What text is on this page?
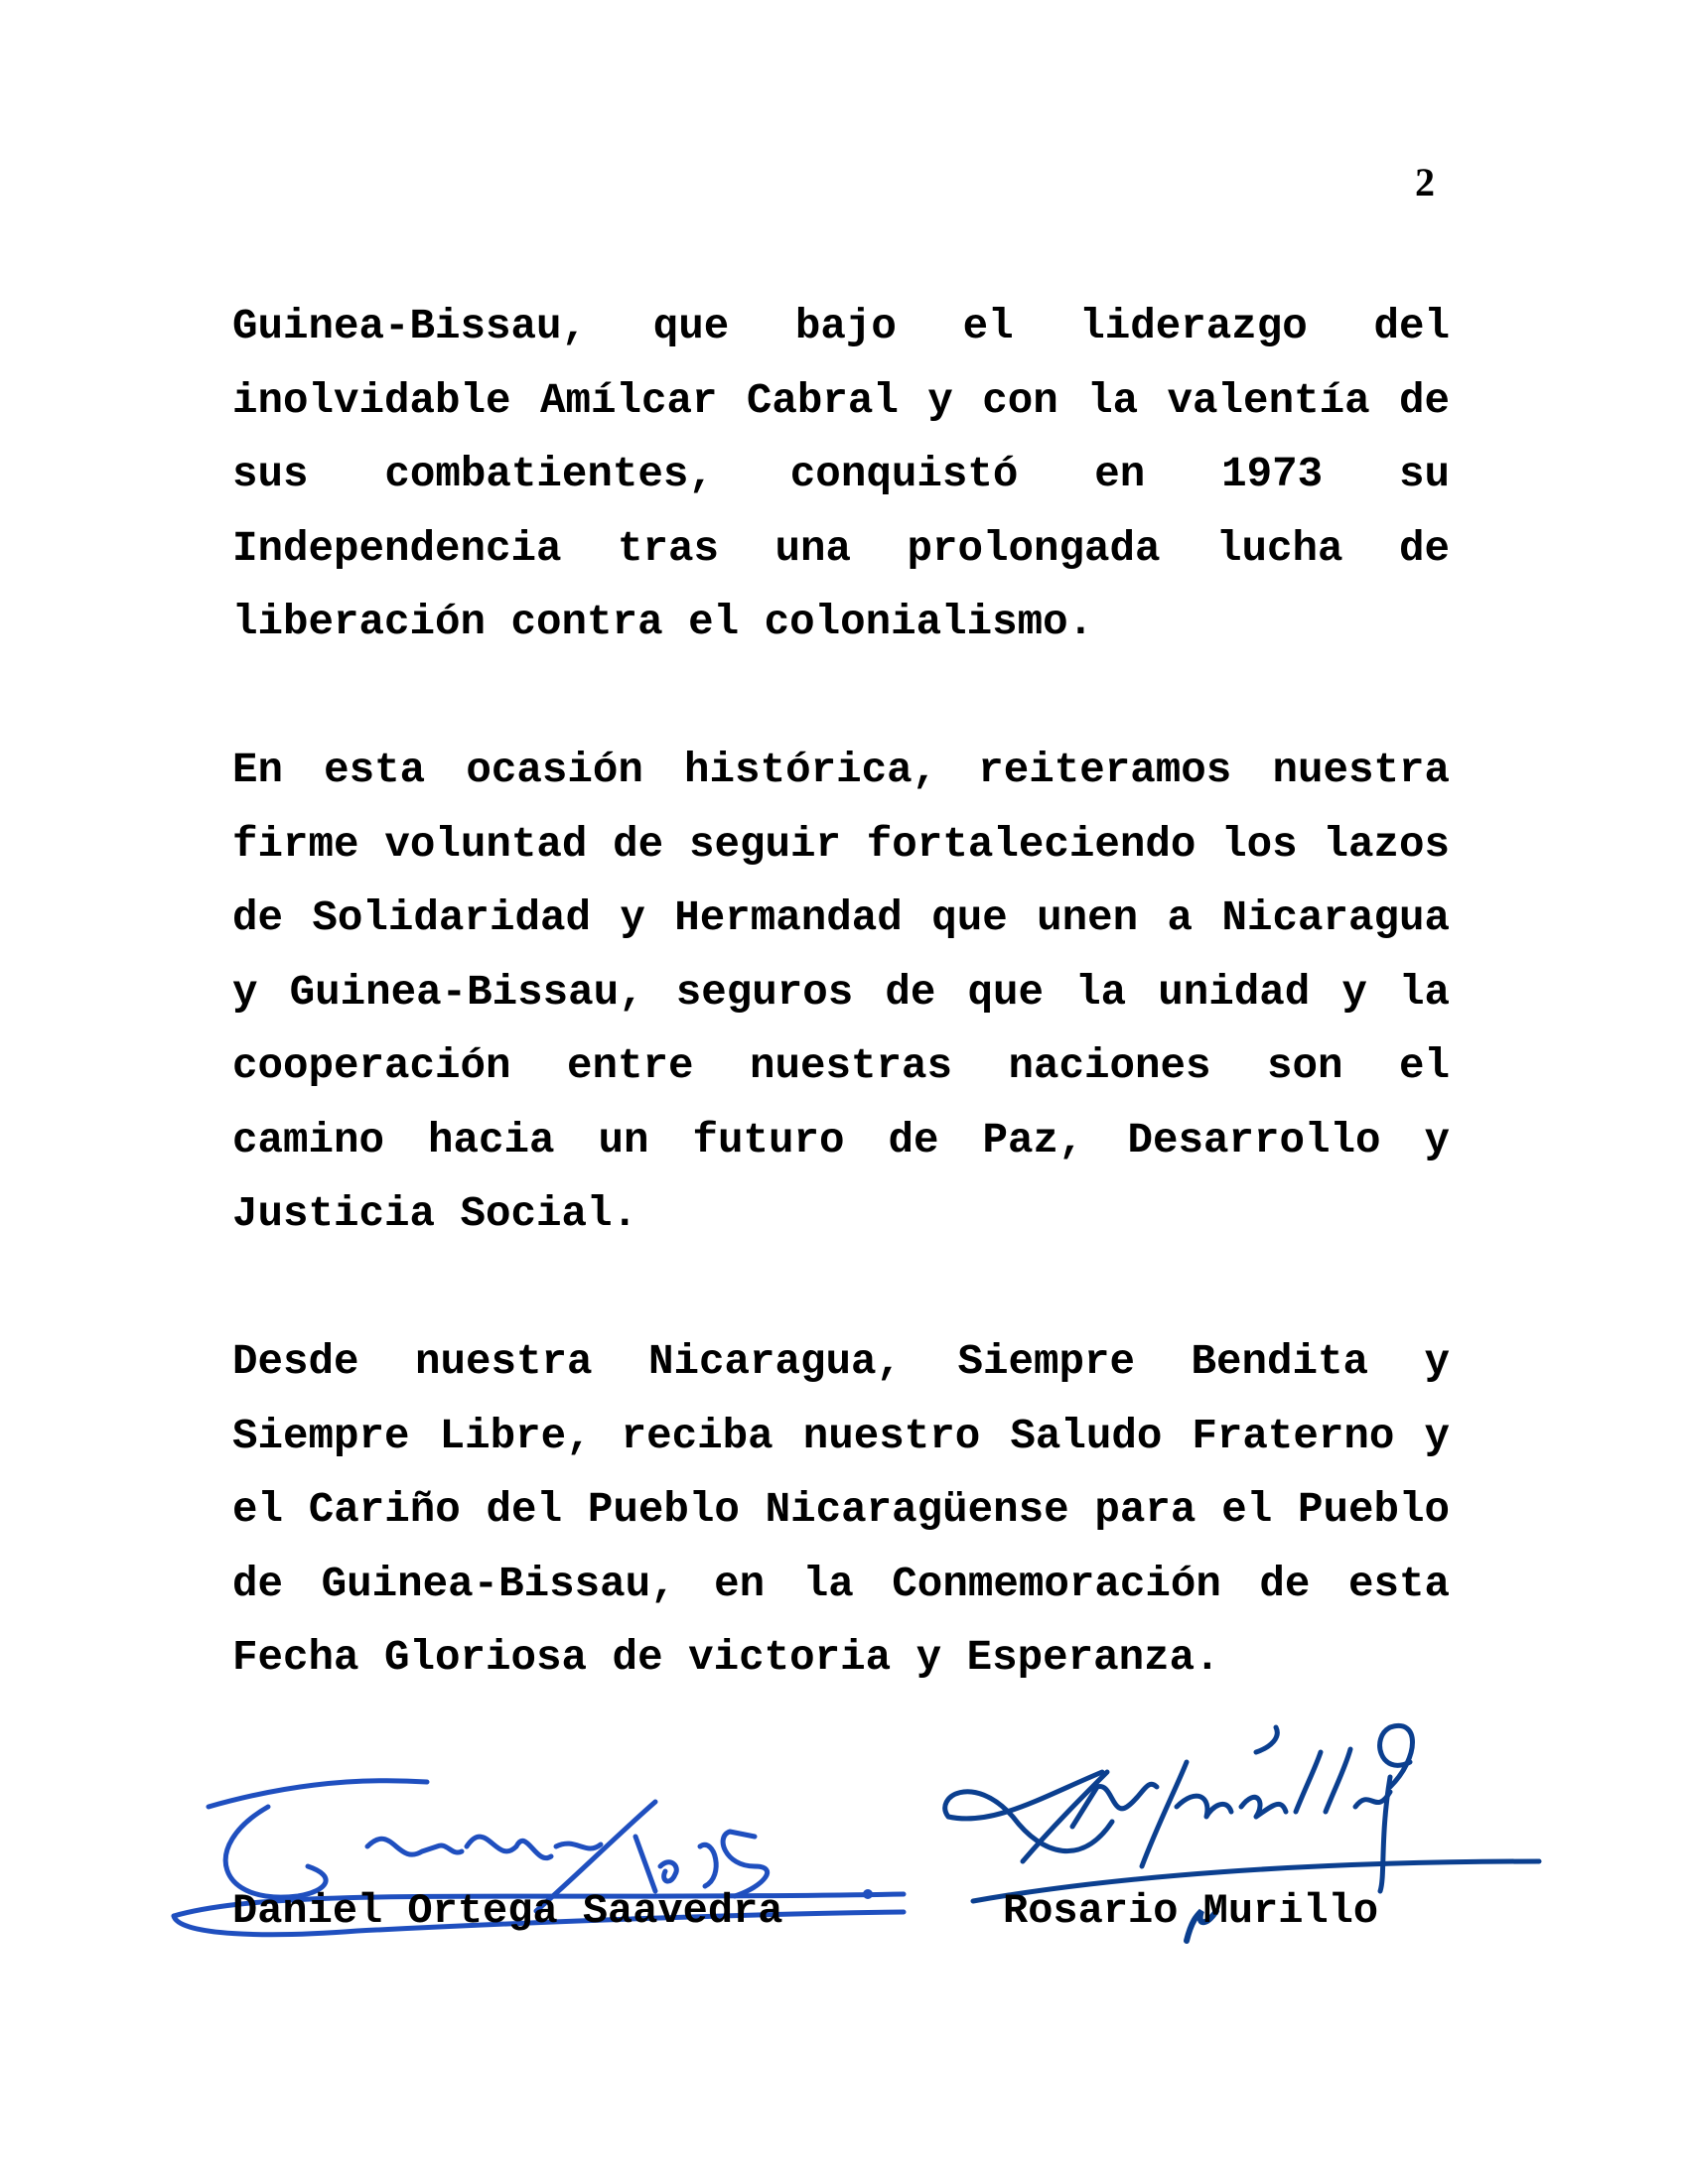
2

Guinea-Bissau, que bajo el liderazgo del inolvidable Amílcar Cabral y con la valentía de sus combatientes, conquistó en 1973 su Independencia tras una prolongada lucha de liberación contra el colonialismo.

En esta ocasión histórica, reiteramos nuestra firme voluntad de seguir fortaleciendo los lazos de Solidaridad y Hermandad que unen a Nicaragua y Guinea-Bissau, seguros de que la unidad y la cooperación entre nuestras naciones son el camino hacia un futuro de Paz, Desarrollo y Justicia Social.

Desde nuestra Nicaragua, Siempre Bendita y Siempre Libre, reciba nuestro Saludo Fraterno y el Cariño del Pueblo Nicaragüense para el Pueblo de Guinea-Bissau, en la Conmemoración de esta Fecha Gloriosa de victoria y Esperanza.

Daniel Ortega Saavedra	Rosario Murillo
